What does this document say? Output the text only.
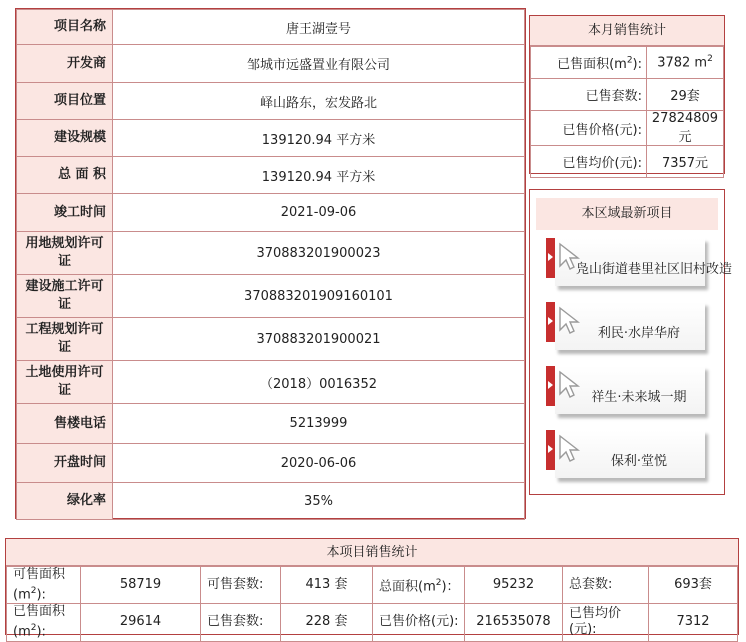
项目名称	唐王湖壹号
开发商	邹城市远盛置业有限公司
项目位置	峄山路东，宏发路北
建设规模	139120.94 平方米
总 面 积	139120.94 平方米
竣工时间	2021-09-06
用地规划许可证	370883201900023
建设施工许可证	370883201909160101
工程规划许可证	370883201900021
土地使用许可证	（2018）0016352
售楼电话	5213999
开盘时间	2020-06-06
绿化率	35%
本月销售统计
已售面积$(m^2)$:	3782 $m^2$
已售套数:	29套
已售价格(元):	27824809元
已售均价(元):	7357元
本区域最新项目
凫山街道巷里社区旧村改造
利民·水岸华府
祥生·未来城一期
保利·堂悦
本项目销售统计
可售面积
$(m^2)$:	58719	可售套数:	413 套	总面积$(m^2)$：	95232	总套数:	693套
已售面积
$(m^2)$:	29614	已售套数:	228 套	已售价格(元):	216535078	已售均价(元):	7312
